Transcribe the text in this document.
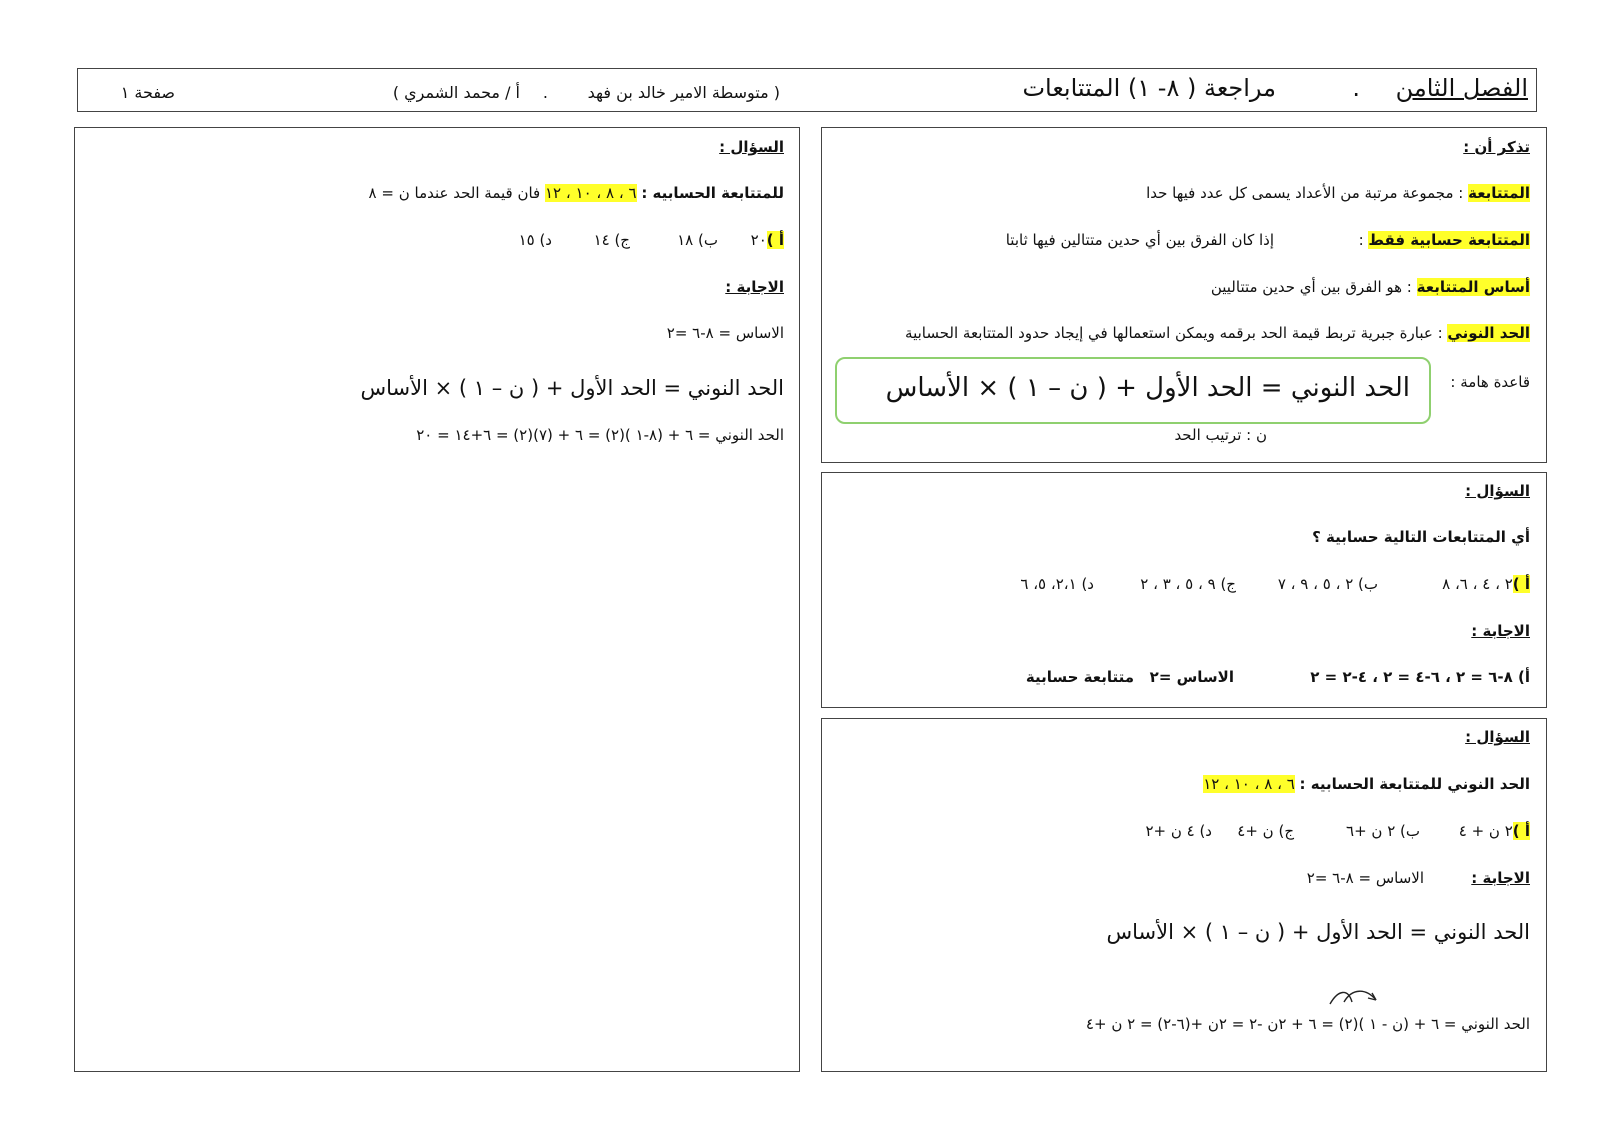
الفصل الثامن
.
مراجعة ( ٨- ١) المتتابعات
( متوسطة الامير خالد بن فهد
.
أ / محمد الشمري )
صفحة ١
تذكر أن :
المتتابعة : مجموعة مرتبة من الأعداد يسمى كل عدد فيها حدا
المتتابعة حسابية فقط :
إذا كان الفرق بين أي حدين متتالين فيها ثابتا
أساس المتتابعة : هو الفرق بين أي حدين متتاليين
الحد النوني : عبارة جبرية تربط قيمة الحد برقمه ويمكن استعمالها في إيجاد حدود المتتابعة الحسابية
قاعدة هامة :
الحد النوني = الحد الأول + ( ن – ١ ) × الأساس
ن : ترتيب الحد
السؤال :
أي المتتابعات التالية حسابية ؟
أ )٢ ، ٤ ، ٦، ٨
ب) ٢ ، ٥ ، ٩ ، ٧
ج) ٩ ، ٥ ، ٣ ، ٢
د) ٢،١، ٥، ٦
الاجابة :
أ) ٨-٦ = ٢ ، ٦-٤ = ٢ ، ٤-٢ = ٢
الاساس =٢
متتابعة حسابية
السؤال :
الحد النوني للمتتابعة الحسابيه : ٦ ، ٨ ، ١٠ ، ١٢
أ )٢ ن + ٤
ب) ٢ ن +٦
ج) ن +٤
د) ٤ ن +٢
الاجابة :
الاساس = ٨-٦ =٢
الحد النوني = الحد الأول + ( ن – ١ ) × الأساس
الحد النوني = ٦ + (ن - ١ )(٢) = ٦ + ٢ن -٢ = ٢ن +(٦-٢) = ٢ ن +٤
السؤال :
للمتتابعة الحسابيه : ٦ ، ٨ ، ١٠ ، ١٢ فان قيمة الحد عندما ن = ٨
أ )٢٠
ب) ١٨
ج) ١٤
د) ١٥
الاجابة :
الاساس = ٨-٦ =٢
الحد النوني = الحد الأول + ( ن – ١ ) × الأساس
الحد النوني = ٦ + (٨-١ )(٢) = ٦ + (٧)(٢) = ٦+١٤ = ٢٠
